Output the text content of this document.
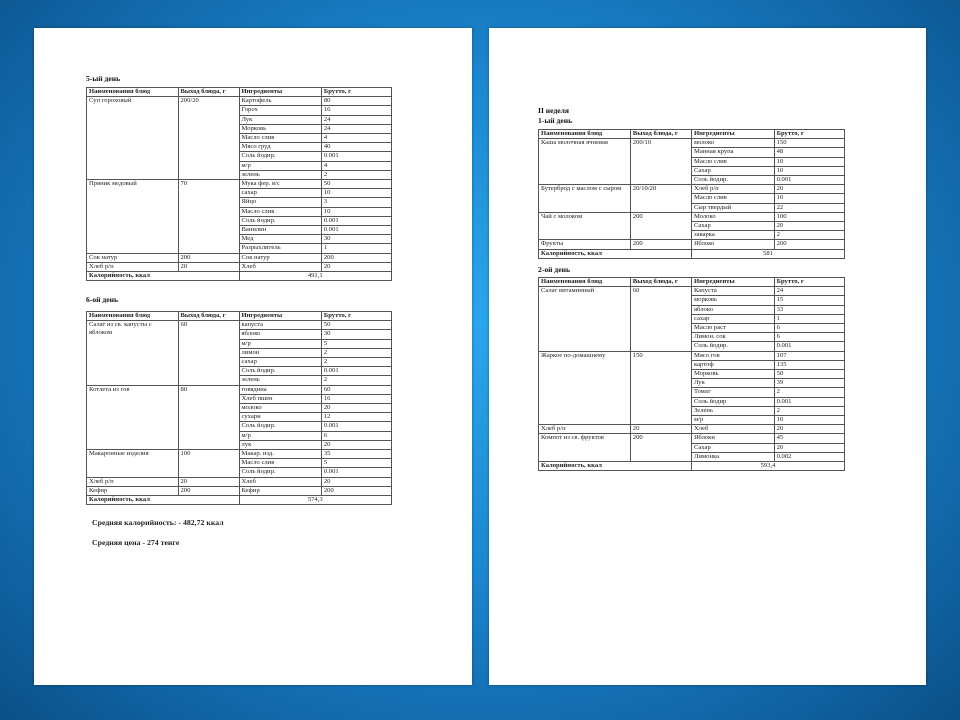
5-ый день
Наименования блюд	Выход блюда, г	Ингредиенты	Брутто, г
Суп гороховый	200/20	Картофель	80
		Горох	16
		Лук	24
		Морковь	24
		Масло слив	4
		Мясо груд	40
		Соль йодир.	0.001
		м/р	4
		зелень	2
Пряник медовый	70	Мука фер. в/с	50
		сахар	10
		Яйцо	3
		Масло слив	10
		Соль йодир.	0.001
		Ванилин	0.001
		Мед	30
		Разрыхлитель	1
Сок натур	200	Сок натур	200
Хлеб р/п	20	Хлеб	20
Калорийность, ккал		491,1	
6-ой день
Наименования блюд	Выход блюда, г	Ингредиенты	Брутто, г
Салат из св. капусты с яблоком	60	капуста	50
		яблоко	30
		м/р	5
		лимон	2
		сахар	2
		Соль йодир.	0.001
		зелень	2
Котлета из гов	80	говядина	60
		Хлеб пшен	16
		молоко	20
		сухари	12
		Соль йодир.	0.001
		м/р	6
		лук	20
Макаронные изделия	100	Макар. изд.	35
		Масло слив	5
		Соль йодир.	0.001
Хлеб р/п	20	Хлеб	20
Кефир	200	Кефир	200
Калорийность, ккал		574,3	
Средняя калорийность: - 482,72 ккал
Средняя цена - 274 тенге
II неделя
1-ый день
Наименования блюд	Выход блюда, г	Ингредиенты	Брутто, г
Каша молочная ячневая	200/10	молоко	150
		Манная крупа	48
		Масло слив	10
		Сахар	10
		Соль йодир.	0.001
Бутерброд с маслом с сыром	20/10/20	Хлеб р/п	20
		Масло слив	10
		Сыр твердый	22
Чай с молоком	200	Молоко	100
		Сахар	20
		заварка	2
Фрукты	200	Яблоко	200
Калорийность, ккал		581	
2-ой день
Наименования блюд	Выход блюда, г	Ингредиенты	Брутто, г
Салат витаминный	60	Капуста	24
		морковь	15
		яблоко	33
		сахар	1
		Масло раст	6
		Лимон. сок	6
		Соль йодир.	0.001
Жаркое по-домашнему	150	Мясо гов	107
		картоф	135
		Морковь	50
		Лук	39
		Томат	2
		Соль йодир	0.001
		Зелень	2
		м/р	10
Хлеб р/п	20	Хлеб	20
Компот из св. фруктов	200	Яблоки	45
		Сахар	20
		Лимонка	0.002
Калорийность, ккал		593,4	
